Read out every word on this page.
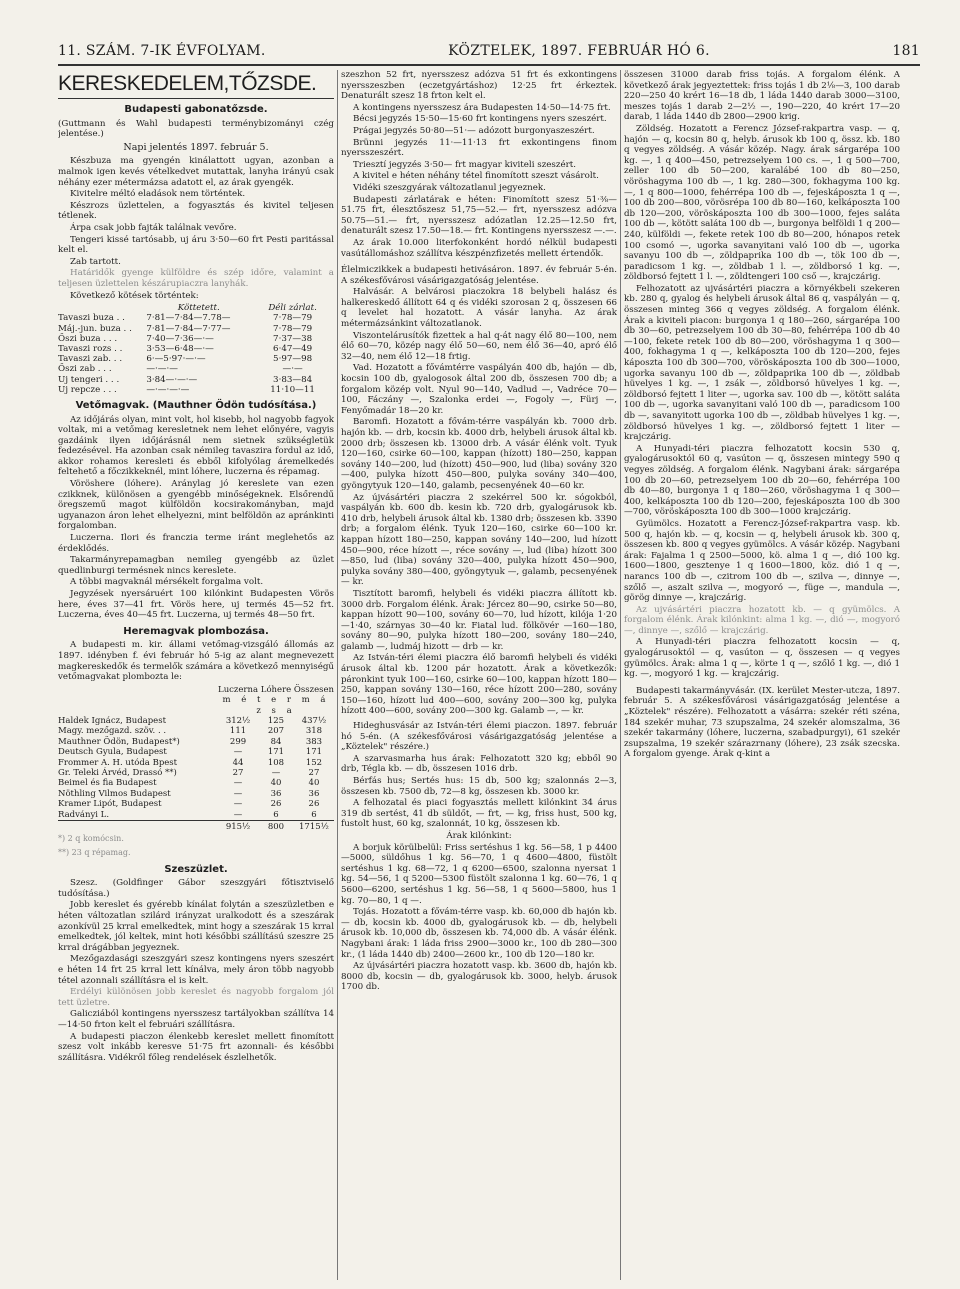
11. SZÁM. 7-IK ÉVFOLYAM.	KÖZTELEK, 1897. FEBRUÁR HÓ 6.	181
KERESKEDELEM,TŐZSDE.
Budapesti gabonatőzsde.

(Guttmann és Wahl budapesti terménybizományi czég jelentése.)

Napi jelentés 1897. február 5.

Készbuza ma gyengén kinálattott ugyan, azonban a malmok igen kevés vételkedvet mutattak, lanyha irányú csak néhány ezer métermázsa adatott el, az árak gyengék.

Kivitelre méltó eladások nem történtek.

Készrozs üzlettelen, a fogyasztás és kivitel teljesen tétlenek.

Árpa csak jobb fajták találnak vevőre.

Tengeri kissé tartósabb, uj áru 3·50—60 frt Pesti paritással kelt el.

Zab tartott.

Határidők gyenge külföldre és szép időre, valamint a teljesen üzlettelen készárupiaczra lanyhák.

Következő kötések történtek:

	Köttetett.	Déli zárlat.
Tavaszi buza . .	7·81—7·84—7.78—	7·78—79
Máj.-jun. buza . .	7·81—7·84—7·77—	7·78—79
Őszi buza . . .	7·40—7·36—·—	7·37—38
Tavaszi rozs . .	3·53—6·48—·—	6·47—49
Tavaszi zab. . .	6·—5·97·—·—	5·97—98
Őszi zab . . .	—·—·—	—·—
Uj tengeri . . .	3·84—·—·—	3·83—84
Uj repcze . . .	—·—·—·—	11·10—11
Vetőmagvak. (Mauthner Ödön tudósítása.)

Az időjárás olyan, mint volt, hol kisebb, hol nagyobb fagyok voltak, mi a vetőmag keresletnek nem lehet előnyére, vagyis gazdáink ilyen időjárásnál nem sietnek szükségletük fedezésével. Ha azonban csak némileg tavaszira fordul az idő, akkor rohamos keresleti és ebből kifolyólag áremelkedés feltehető a főczikkeknél, mint lóhere, luczerna és répamag.

Vöröshere (lóhere). Aránylag jó kereslete van ezen czikknek, különösen a gyengébb minőségeknek. Elsőrendű öregszemű magot külföldön kocsirakományban, majd ugyanazon áron lehet elhelyezni, mint belföldön az apránkinti forgalomban.

Luczerna. Ilori és franczia terme iránt meglehetős az érdeklődés.

Takarmányrepamagban nemileg gyengébb az üzlet quedlinburgi termésnek nincs kereslete.

A többi magvaknál mérsékelt forgalma volt.

Jegyzések nyersáruért 100 kilónkint Budapesten Vörös here, éves 37—41 frt. Vörös here, uj termés 45—52 frt. Luczerna, éves 40—45 frt. Luczerna, uj termés 48—50 frt.

Heremagvak plombozása.

A budapesti m. kir. állami vetőmag-vizsgáló állomás az 1897. idényben f. évi február hó 5-ig az alant megnevezett magkereskedők és termelők számára a következő mennyiségű vetőmagvakat plombozta le:

	Luczerna	Lóhere	Összesen
	m é t e r m á z s a		
Haldek Ignácz, Budapest	312½	125	437½
Magy. mezőgazd. szöv. . .	111	207	318
Mauthner Ödön, Budapest*)	299	84	383
Deutsch Gyula, Budapest	—	171	171
Frommer A. H. utóda Bpest	44	108	152
Gr. Teleki Árvéd, Drassó **)	27	—	27
Beimel és fia Budapest	—	40	40
Nöthling Vilmos Budapest	—	36	36
Kramer Lipót, Budapest	—	26	26
Radványi L.	—	6	6
	915½	800	1715½
*) 2 q komócsin.
**) 23 q répamag.
Szeszüzlet.

Szesz. (Goldfinger Gábor szeszgyári főtisztviselő tudósítása.)

Jobb kereslet és gyérebb kínálat folytán a szeszüzletben e héten változatlan szilárd irányzat uralkodott és a szeszárak azonkívül 25 krral emelkedtek, mint hogy a szeszárak 15 krral emelkedtek, jól keltek, mint hoti későbbi szállítású szeszre 25 krral drágábban jegyeznek.

Mezőgazdasági szeszgyári szesz kontingens nyers szeszért e héten 14 frt 25 krral lett kínálva, mely áron több nagyobb tétel azonnali szállításra el is kelt.

Erdélyi különösen jobb kereslet és nagyobb forgalom jól tett üzletre.

Galicziából kontingens nyersszesz tartályokban szállítva 14—14·50 frton kelt el februári szállításra.

A budapesti piaczon élenkebb kereslet mellett finomított szesz volt inkább keresve 51·75 frt azonnali- és későbbi szállításra. Vidékről főleg rendelések észlelhetők.

szeszhon 52 frt, nyersszesz adózva 51 frt és exkontingens nyersszeszben (eczetgyártáshoz) 12·25 frt érkeztek. Denaturált szesz 18 frton kelt el.

A kontingens nyersszesz ára Budapesten 14·50—14·75 frt.

Bécsi jegyzés 15·50—15·60 frt kontingens nyers szeszért.

Prágai jegyzés 50·80—51·— adózott burgonyaszeszért.

Brünni jegyzés 11·—11·13 frt exkontingens finom nyersszeszért.

Triesztí jegyzés 3·50— frt magyar kiviteli szeszért.

A kivitel e héten néhány tétel finomított szeszt vásárolt.

Vidéki szeszgyárak változatlanul jegyeznek.

Budapesti zárlatárak e héten: Finomított szesz 51·⅜—51.75 frt, élesztőszesz 51,75—52.— frt, nyersszesz adózva 50.75—51.— frt, nyersszesz adózatlan 12.25—12.50 frt, denaturált szesz 17.50—18.— frt. Kontingens nyersszesz —.—.

Az árak 10.000 literfokonként hordó nélkül budapesti vasútállomáshoz szállítva készpénzfizetés mellett értendők.

Élelmiczikkek a budapesti hetivásáron. 1897. év február 5-én. A székesfővárosi vásárigazgatóság jelentése.

Halvásár. A belvárosi piaczokra 18 belybeli halász és halkereskedő állított 64 q és vidéki szorosan 2 q, összesen 66 q levelet hal hozatott. A vásár lanyha. Az árak métermázsánkint változatlanok.

Viszontelárusítók fizettek a hal q-át nagy élő 80—100, nem élő 60—70, közép nagy élő 50—60, nem élő 36—40, apró élő 32—40, nem élő 12—18 frtig.

Vad. Hozatott a fővámtérre vaspályán 400 db, hajón — db, kocsin 100 db, gyalogosok által 200 db, összesen 700 db; a forgalom közép volt. Nyul 90—140, Vadlud —, Vadréce 70—100, Fáczány —, Szalonka erdei —, Fogoly —, Fürj —, Fenyőmadár 18—20 kr.

Baromfi. Hozatott a fővám-térre vaspályán kb. 7000 drb. hajón kb. — drb, kocsin kb. 4000 drb, helybeli árusok által kb. 2000 drb; összesen kb. 13000 drb. A vásár élénk volt. Tyuk 120—160, csirke 60—100, kappan (hízott) 180—250, kappan sovány 140—200, lud (hízott) 450—900, lud (liba) sovány 320—400, pulyka hízott 450—800, pulyka sovány 340—400, gyöngytyuk 120—140, galamb, pecsenyének 40—60 kr.

Az újvásártéri piaczra 2 szekérrel 500 kr. sógokból, vaspályán kb. 600 db. kesin kb. 720 drb, gyalogárusok kb. 410 drb, helybeli árusok által kb. 1380 drb; összesen kb. 3390 drb; a forgalom élénk. Tyuk 120—160, csirke 60—100 kr. kappan hízott 180—250, kappan sovány 140—200, lud hízott 450—900, réce hízott —, réce sovány —, lud (liba) hízott 300—850, lud (liba) sovány 320—400, pulyka hízott 450—900, pulyka sovány 380—400, gyöngytyuk —, galamb, pecsenyének — kr.

Tisztított baromfi, helybeli és vidéki piaczra állított kb. 3000 drb. Forgalom élénk. Árak: Jércez 80—90, csirke 50—80, kappan hízott 90—100, sovány 60—70, lud hízott, kilója 1·20—1·40, szárnyas 30—40 kr. Fiatal lud. fölkövér —160—180, sovány 80—90, pulyka hízott 180—200, sovány 180—240, galamb —, ludmáj hizott — drb — kr.

Az István-téri élemi piaczra élő baromfi helybeli és vidéki árusok által kb. 1200 pár hozatott. Árak a következők: páronkint tyuk 100—160, csirke 60—100, kappan hízott 180—250, kappan sovány 130—160, réce hízott 200—280, sovány 150—160, hízott lud 400—600, sovány 200—300 kg, pulyka hízott 400—600, sovány 200—300 kg. Galamb —, — kr.

Hideghusvásár az István-téri élemi piaczon. 1897. február hó 5-én. (A székesfővárosi vásárigazgatóság jelentése a „Köztelek" részére.)

A szarvasmarha hus árak: Felhozatott 320 kg; ebből 90 drb, Tégla kb. — db, összesen 1016 drb.

Bérfás hus; Sertés hus: 15 db, 500 kg; szalonnás 2—3, összesen kb. 7500 db, 72—8 kg, összesen kb. 3000 kr.

A felhozatal és piaci fogyasztás mellett kilónkint 34 árus 319 db sertést, 41 db süldőt, — frt, — kg, friss hust, 500 kg, fustolt hust, 60 kg, szalonnát, 10 kg, összesen kb.

Árak kilónkint:

A borjuk körülbelül: Friss sertéshus 1 kg. 56—58, 1 p 4400—5000, süldőhus 1 kg. 56—70, 1 q 4600—4800, füstölt sertéshus 1 kg. 68—72, 1 q 6200—6500, szalonna nyersat 1 kg. 54—56, 1 q 5200—5300 füstölt szalonna 1 kg. 60—76, 1 q 5600—6200, sertéshus 1 kg. 56—58, 1 q 5600—5800, hus 1 kg. 70—80, 1 q —.

Tojás. Hozatott a fővám-térre vasp. kb. 60,000 db hajón kb. — db, kocsin kb. 4000 db, gyalogárusok kb. — db, helybeli árusok kb. 10,000 db, összesen kb. 74,000 db. A vásár élénk. Nagybani árak: 1 láda friss 2900—3000 kr., 100 db 280—300 kr., (1 láda 1440 db) 2400—2600 kr., 100 db 120—180 kr.

Az újvásártéri piaczra hozatott vasp. kb. 3600 db, hajón kb. 8000 db, kocsin — db, gyalogárusok kb. 3000, helyb. árusok 1700 db.

összesen 31000 darab friss tojás. A forgalom élénk. A következő árak jegyeztettek: friss tojás 1 db 2⅛—3, 100 darab 220—250 40 krért 16—18 db, 1 láda 1440 darab 3000—3100, meszes tojás 1 darab 2—2½ —, 190—220, 40 krért 17—20 darab, 1 láda 1440 db 2800—2900 krig.

Zöldség. Hozatott a Ferencz József-rakpartra vasp. — q, hajón — q, kocsin 80 q, helyb. árusok kb 100 q, össz. kb. 180 q vegyes zöldség. A vásár közép. Nagy. árak sárgarépa 100 kg. —, 1 q 400—450, petrezselyem 100 cs. —, 1 q 500—700, zeller 100 db 50—200, karalábé 100 db 80—250, vöröshagyma 100 db —, 1 kg. 280—300, fokhagyma 100 kg. —, 1 q 800—1000, fehérrépa 100 db —, fejeskáposzta 1 q —, 100 db 200—800, vörösrépa 100 db 80—160, kelkáposzta 100 db 120—200, vöröskáposzta 100 db 300—1000, fejes saláta 100 db —, kötött saláta 100 db —, burgonya belföldi 1 q 200—240, külföldi —, fekete retek 100 db 80—200, hónapos retek 100 csomó —, ugorka savanyitani való 100 db —, ugorka savanyu 100 db —, zöldpaprika 100 db —, tök 100 db —, paradicsom 1 kg. —, zöldbab 1 l. —, zöldborsó 1 kg. —, zöldborsó fejtett 1 l. —, zöldtengeri 100 cső —, krajczárig.

Felhozatott az ujvásártéri piaczra a környékbeli szekeren kb. 280 q, gyalog és helybeli árusok által 86 q, vaspályán — q, összesen minteg 366 q vegyes zöldség. A forgalom élénk. Árak a kiviteli piacon: burgonya 1 q 180—260, sárgarépa 100 db 30—60, petrezselyem 100 db 30—80, fehérrépa 100 db 40—100, fekete retek 100 db 80—200, vöröshagyma 1 q 300—400, fokhagyma 1 q —, kelkáposzta 100 db 120—200, fejes káposzta 100 db 300—700, vöröskáposzta 100 db 300—1000, ugorka savanyu 100 db —, zöldpaprika 100 db —, zöldbab hüvelyes 1 kg. —, 1 zsák —, zöldborsó hüvelyes 1 kg. —, zöldborsó fejtett 1 liter —, ugorka sav. 100 db —, kötött saláta 100 db —, ugorka savanyitani való 100 db —, paradicsom 100 db —, savanyitott ugorka 100 db —, zöldbab hüvelyes 1 kg. —, zöldborsó hüvelyes 1 kg. —, zöldborsó fejtett 1 liter — krajczárig.

A Hunyadi-téri piaczra felhozatott kocsin 530 q, gyalogárusoktól 60 q, vasúton — q, összesen mintegy 590 q vegyes zöldség. A forgalom élénk. Nagybani árak: sárgarépa 100 db 20—60, petrezselyem 100 db 20—60, fehérrépa 100 db 40—80, burgonya 1 q 180—260, vöröshagyma 1 q 300—400, kelkáposzta 100 db 120—200, fejeskáposzta 100 db 300—700, vöröskáposzta 100 db 300—1000 krajczárig.

Gyümölcs. Hozatott a Ferencz-József-rakpartra vasp. kb. 500 q, hajón kb. — q, kocsin — q, helybeli árusok kb. 300 q, összesen kb. 800 q vegyes gyümölcs. A vásár közép. Nagybani árak: Fajalma 1 q 2500—5000, kö. alma 1 q —, dió 100 kg. 1600—1800, gesztenye 1 q 1600—1800, köz. dió 1 q —, narancs 100 db —, czitrom 100 db —, szilva —, dinnye —, szőlő —, aszalt szilva —, mogyoró —, füge —, mandula —, görög dinnye —, krajczárig.

Az ujvásártéri piaczra hozatott kb. — q gyümölcs. A forgalom élénk. Árak kilónkint: alma 1 kg. —, dió —, mogyoró —, dinnye —, szőlő — krajczárig.

A Hunyadi-téri piaczra felhozatott kocsin — q, gyalogárusoktól — q, vasúton — q, összesen — q vegyes gyümölcs. Árak: alma 1 q —, körte 1 q —, szőlő 1 kg. —, dió 1 kg. —, mogyoró 1 kg. — krajczárig.

Budapesti takarmányvásár. (IX. kerület Mester-utcza, 1897. február 5. A székesfővárosi vásárigazgatóság jelentése a „Köztelek" részére). Felhozatott a vásárra: szekér réti széna, 184 szekér muhar, 73 szupszalma, 24 szekér alomszalma, 36 szekér takarmány (lóhere, luczerna, szabadpurgyi), 61 szekér zsupszalma, 19 szekér szárazrnany (lóhere), 23 zsák szecska. A forgalom gyenge. Árak q-kint a
